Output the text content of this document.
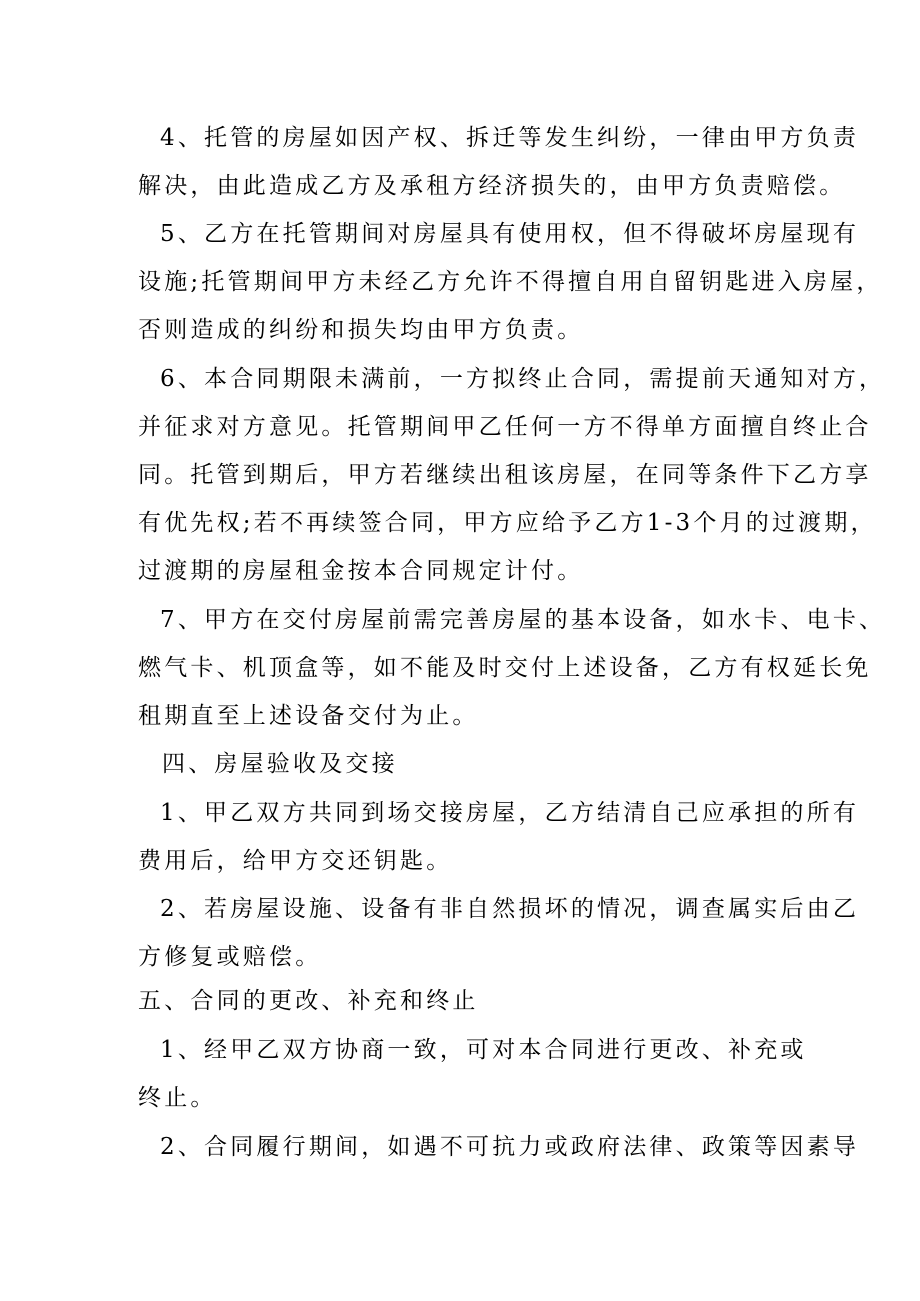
4、托管的房屋如因产权、拆迁等发生纠纷，一律由甲方负责
解决，由此造成乙方及承租方经济损失的，由甲方负责赔偿。
5、乙方在托管期间对房屋具有使用权，但不得破坏房屋现有
设施;托管期间甲方未经乙方允许不得擅自用自留钥匙进入房屋，
否则造成的纠纷和损失均由甲方负责。
6、本合同期限未满前，一方拟终止合同，需提前天通知对方，
并征求对方意见。托管期间甲乙任何一方不得单方面擅自终止合
同。托管到期后，甲方若继续出租该房屋，在同等条件下乙方享
有优先权;若不再续签合同，甲方应给予乙方1-3个月的过渡期，
过渡期的房屋租金按本合同规定计付。
7、甲方在交付房屋前需完善房屋的基本设备，如水卡、电卡、
燃气卡、机顶盒等，如不能及时交付上述设备，乙方有权延长免
租期直至上述设备交付为止。
四、房屋验收及交接
1、甲乙双方共同到场交接房屋，乙方结清自己应承担的所有
费用后，给甲方交还钥匙。
2、若房屋设施、设备有非自然损坏的情况，调查属实后由乙
方修复或赔偿。
五、合同的更改、补充和终止
1、经甲乙双方协商一致，可对本合同进行更改、补充或
终止。
2、合同履行期间，如遇不可抗力或政府法律、政策等因素导
